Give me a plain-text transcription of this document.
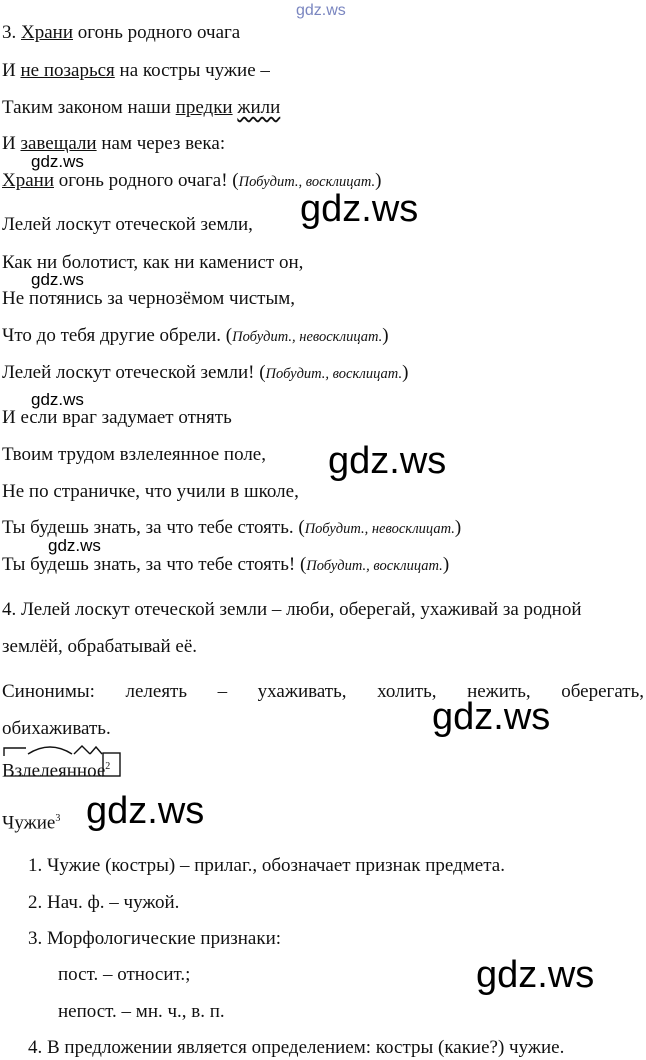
gdz.ws
3. Храни огонь родного очага
И не позарься на костры чужие –
Таким законом наши предки жили
И завещали нам через века:
gdz.ws
Храни огонь родного очага! (Побудит., восклицат.)
gdz.ws
Лелей лоскут отеческой земли,
Как ни болотист, как ни каменист он,
gdz.ws
Не потянись за чернозёмом чистым,
Что до тебя другие обрели. (Побудит., невосклицат.)
Лелей лоскут отеческой земли! (Побудит., восклицат.)
gdz.ws
И если враг задумает отнять
Твоим трудом взлелеянное поле, gdz.ws
Не по страничке, что учили в школе,
Ты будешь знать, за что тебе стоять. (Побудит., невосклицат.)
gdz.ws
Ты будешь знать, за что тебе стоять! (Побудит., восклицат.)
4. Лелей лоскут отеческой земли – люби, оберегай, ухаживай за родной
землёй, обрабатывай её.
Синонимы: лелеять – ухаживать, холить, нежить, оберегать,
обихаживать.	gdz.ws
Взлелеянное$^2$
Чужие$^3$ gdz.ws
1. Чужие (костры) – прилаг., обозначает признак предмета.
2. Нач. ф. – чужой.
3. Морфологические признаки:
пост. – относит.;	gdz.ws
непост. – мн. ч., в. п.
4. В предложении является определением: костры (какие?) чужие.
